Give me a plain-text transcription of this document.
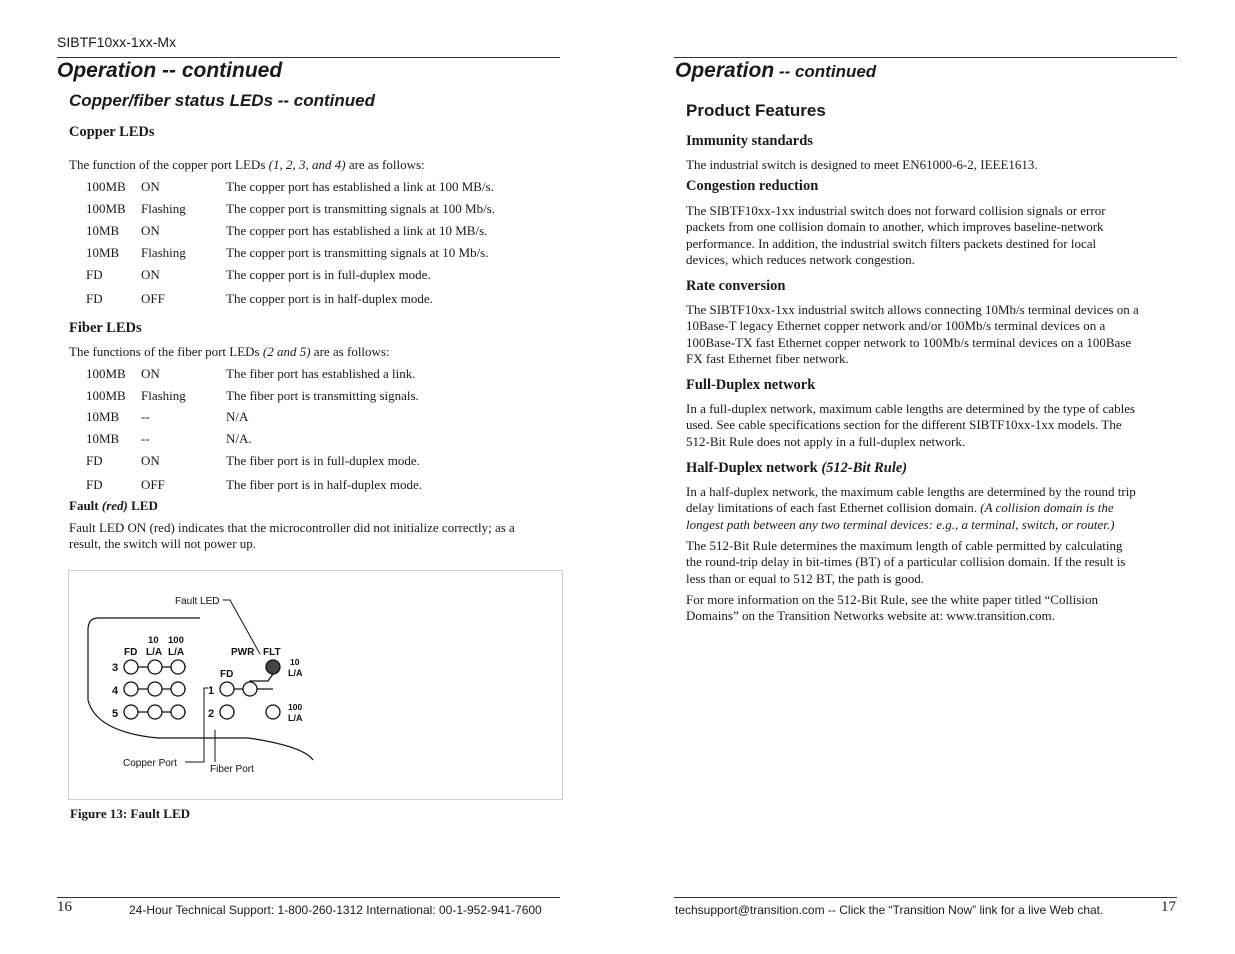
SIBTF10xx-1xx-Mx
Operation -- continued
Copper/fiber status LEDs -- continued
Copper LEDs
The function of the copper port LEDs (1, 2, 3, and 4) are as follows:
100MB ON	The copper port has established a link at 100 MB/s.
100MB Flashing	The copper port is transmitting signals at 100 Mb/s.
10MB ON	The copper port has established a link at 10 MB/s.
10MB Flashing	The copper port is transmitting signals at 10 Mb/s.
FD	ON	The copper port is in full-duplex mode.
FD	OFF	The copper port is in half-duplex mode.
Fiber LEDs
The functions of the fiber port LEDs (2 and 5) are as follows:
100MB ON	The fiber port has established a link.
100MB Flashing	The fiber port is transmitting signals.
10MB --	N/A
10MB --	N/A.
FD	ON	The fiber port is in full-duplex mode.
FD	OFF	The fiber port is in half-duplex mode.
Fault (red) LED
Fault LED ON (red) indicates that the microcontroller did not initialize correctly; as a
result, the switch will not power up.
Fault LED
FD
10
L/A
100
L/A
3
4
5
PWR FLT
FD
1
2
10
L/A
100
L/A
Copper Port
Fiber Port
Figure 13: Fault LED
16	24-Hour Technical Support: 1-800-260-1312 International: 00-1-952-941-7600
Operation -- continued
Product Features
Immunity standards
The industrial switch is designed to meet EN61000-6-2, IEEE1613.
Congestion reduction
The SIBTF10xx-1xx industrial switch does not forward collision signals or error
packets from one collision domain to another, which improves baseline-network
performance. In addition, the industrial switch filters packets destined for local
devices, which reduces network congestion.
Rate conversion
The SIBTF10xx-1xx industrial switch allows connecting 10Mb/s terminal devices on a
10Base-T legacy Ethernet copper network and/or 100Mb/s terminal devices on a
100Base-TX fast Ethernet copper network to 100Mb/s terminal devices on a 100Base
FX fast Ethernet fiber network.
Full-Duplex network
In a full-duplex network, maximum cable lengths are determined by the type of cables
used. See cable specifications section for the different SIBTF10xx-1xx models. The
512-Bit Rule does not apply in a full-duplex network.
Half-Duplex network (512-Bit Rule)
In a half-duplex network, the maximum cable lengths are determined by the round trip
delay limitations of each fast Ethernet collision domain. (A collision domain is the
longest path between any two terminal devices: e.g., a terminal, switch, or router.)
The 512-Bit Rule determines the maximum length of cable permitted by calculating
the round-trip delay in bit-times (BT) of a particular collision domain. If the result is
less than or equal to 512 BT, the path is good.
For more information on the 512-Bit Rule, see the white paper titled “Collision
Domains” on the Transition Networks website at: www.transition.com.
techsupport@transition.com -- Click the “Transition Now” link for a live Web chat.	17
